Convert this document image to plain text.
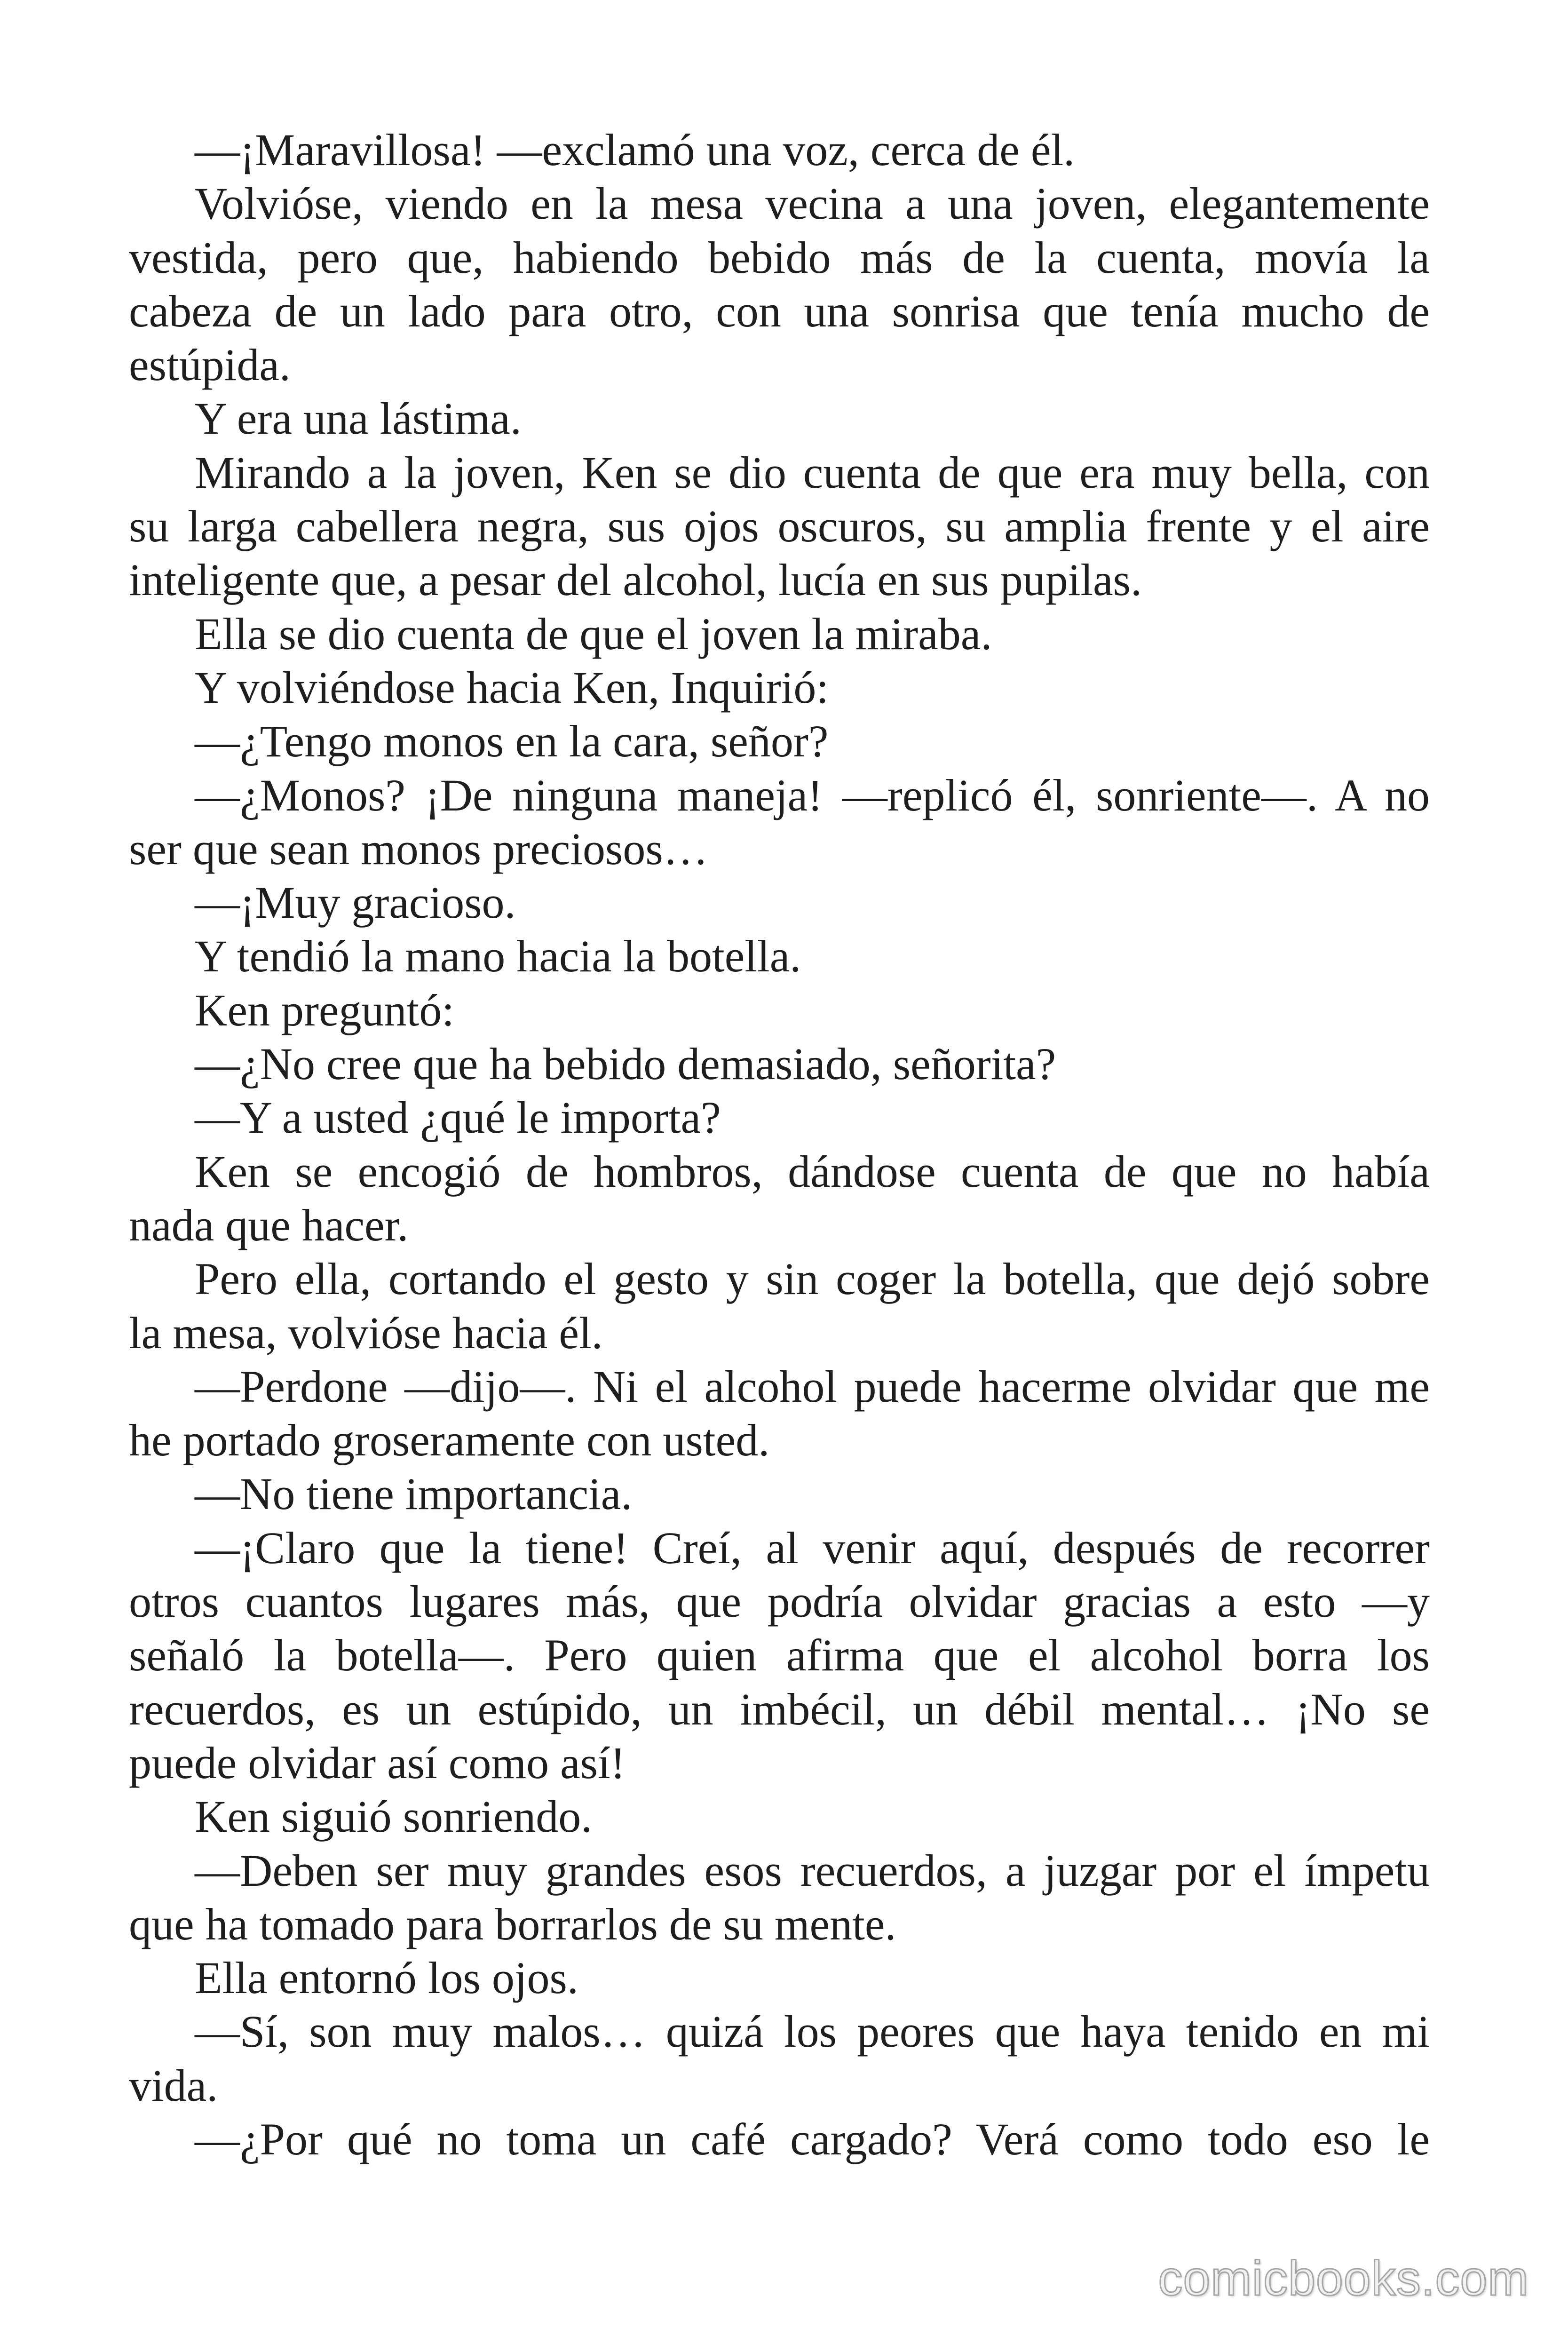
—¡Maravillosa! —exclamó una voz, cerca de él.
Volvióse, viendo en la mesa vecina a una joven, elegantemente
vestida, pero que, habiendo bebido más de la cuenta, movía la
cabeza de un lado para otro, con una sonrisa que tenía mucho de
estúpida.
Y era una lástima.
Mirando a la joven, Ken se dio cuenta de que era muy bella, con
su larga cabellera negra, sus ojos oscuros, su amplia frente y el aire
inteligente que, a pesar del alcohol, lucía en sus pupilas.
Ella se dio cuenta de que el joven la miraba.
Y volviéndose hacia Ken, Inquirió:
—¿Tengo monos en la cara, señor?
—¿Monos? ¡De ninguna maneja! —replicó él, sonriente—. A no
ser que sean monos preciosos…
—¡Muy gracioso.
Y tendió la mano hacia la botella.
Ken preguntó:
—¿No cree que ha bebido demasiado, señorita?
—Y a usted ¿qué le importa?
Ken se encogió de hombros, dándose cuenta de que no había
nada que hacer.
Pero ella, cortando el gesto y sin coger la botella, que dejó sobre
la mesa, volvióse hacia él.
—Perdone —dijo—. Ni el alcohol puede hacerme olvidar que me
he portado groseramente con usted.
—No tiene importancia.
—¡Claro que la tiene! Creí, al venir aquí, después de recorrer
otros cuantos lugares más, que podría olvidar gracias a esto —y
señaló la botella—. Pero quien afirma que el alcohol borra los
recuerdos, es un estúpido, un imbécil, un débil mental… ¡No se
puede olvidar así como así!
Ken siguió sonriendo.
—Deben ser muy grandes esos recuerdos, a juzgar por el ímpetu
que ha tomado para borrarlos de su mente.
Ella entornó los ojos.
—Sí, son muy malos… quizá los peores que haya tenido en mi
vida.
—¿Por qué no toma un café cargado? Verá como todo eso le
comicbooks.com
